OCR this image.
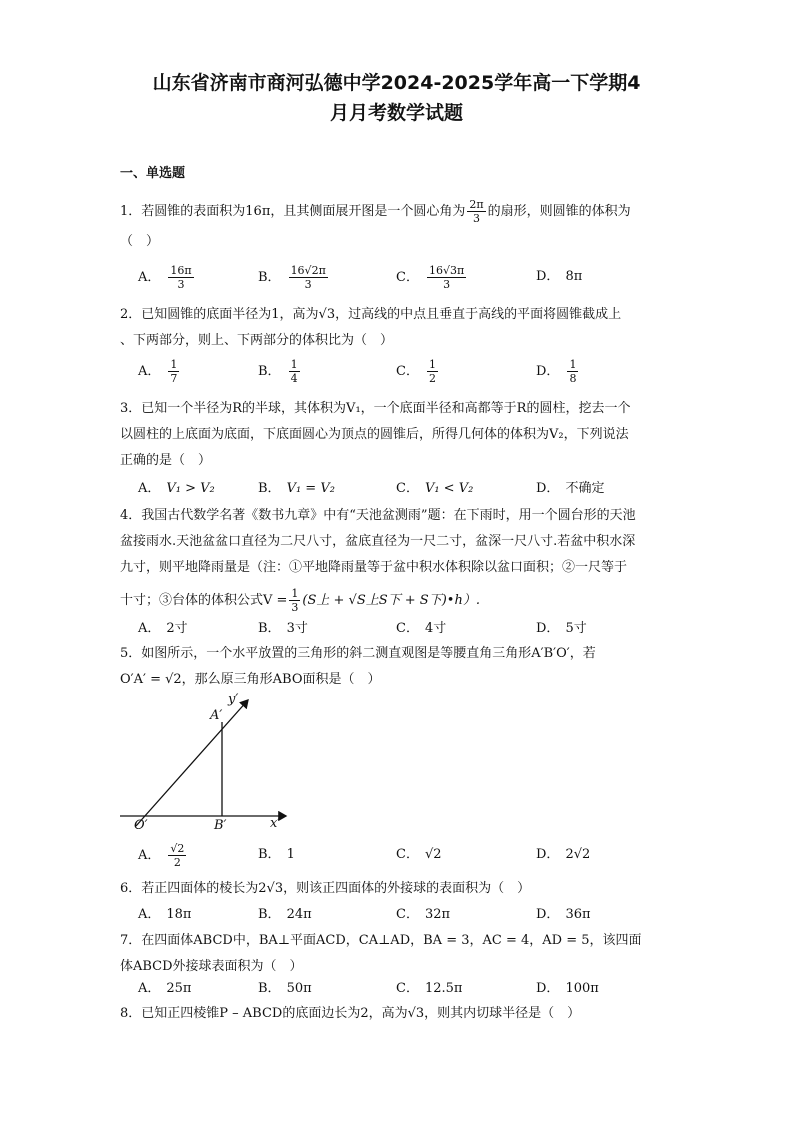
山东省济南市商河弘德中学2024-2025学年高一下学期4
月月考数学试题
一、单选题
1．若圆锥的表面积为16π，且其侧面展开图是一个圆心角为 $\frac{2\pi}{3}$ 的扇形，则圆锥的体积为
（　）
A． $\frac{16\pi}{3}$	B． $\frac{16√2\pi}{3}$	C． $\frac{16√3\pi}{3}$	D． 8π
2．已知圆锥的底面半径为1，高为√3，过高线的中点且垂直于高线的平面将圆锥截成上
、下两部分，则上、下两部分的体积比为（　）
A． $\frac{1}{7}$	B． $\frac{1}{4}$	C． $\frac{1}{2}$	D． $\frac{1}{8}$
3．已知一个半径为R的半球，其体积为V₁，一个底面半径和高都等于R的圆柱，挖去一个
以圆柱的上底面为底面，下底面圆心为顶点的圆锥后，所得几何体的体积为V₂，下列说法
正确的是（　）
A． V₁ > V₂	B． V₁ = V₂	C． V₁ < V₂	D． 不确定
4．我国古代数学名著《数书九章》中有“天池盆测雨”题：在下雨时，用一个圆台形的天池
盆接雨水.天池盆盆口直径为二尺八寸，盆底直径为一尺二寸，盆深一尺八寸.若盆中积水深
九寸，则平地降雨量是（注：①平地降雨量等于盆中积水体积除以盆口面积；②一尺等于
十寸；③台体的体积公式$V = \frac{1}{3} (S$上 + √S上S下 + S下)•h）.
A． 2寸	B． 3寸	C． 4寸	D． 5寸
5．如图所示，一个水平放置的三角形的斜二测直观图是等腰直角三角形A′B′O′，若
O′A′ = √2，那么原三角形ABO面积是（　）
A′
y′
O′	B′	x′
A． $\frac{√2}{2}$	B． 1	C． √2	D． 2√2
6．若正四面体的棱长为2√3，则该正四面体的外接球的表面积为（　）
A． 18π	B． 24π	C． 32π	D． 36π
7．在四面体ABCD中，BA⊥平面ACD，CA⊥AD，BA = 3，AC = 4，AD = 5，该四面
体ABCD外接球表面积为（　）
A． 25π	B． 50π	C． 12.5π	D． 100π
8．已知正四棱锥P – ABCD的底面边长为2，高为√3，则其内切球半径是（　）
